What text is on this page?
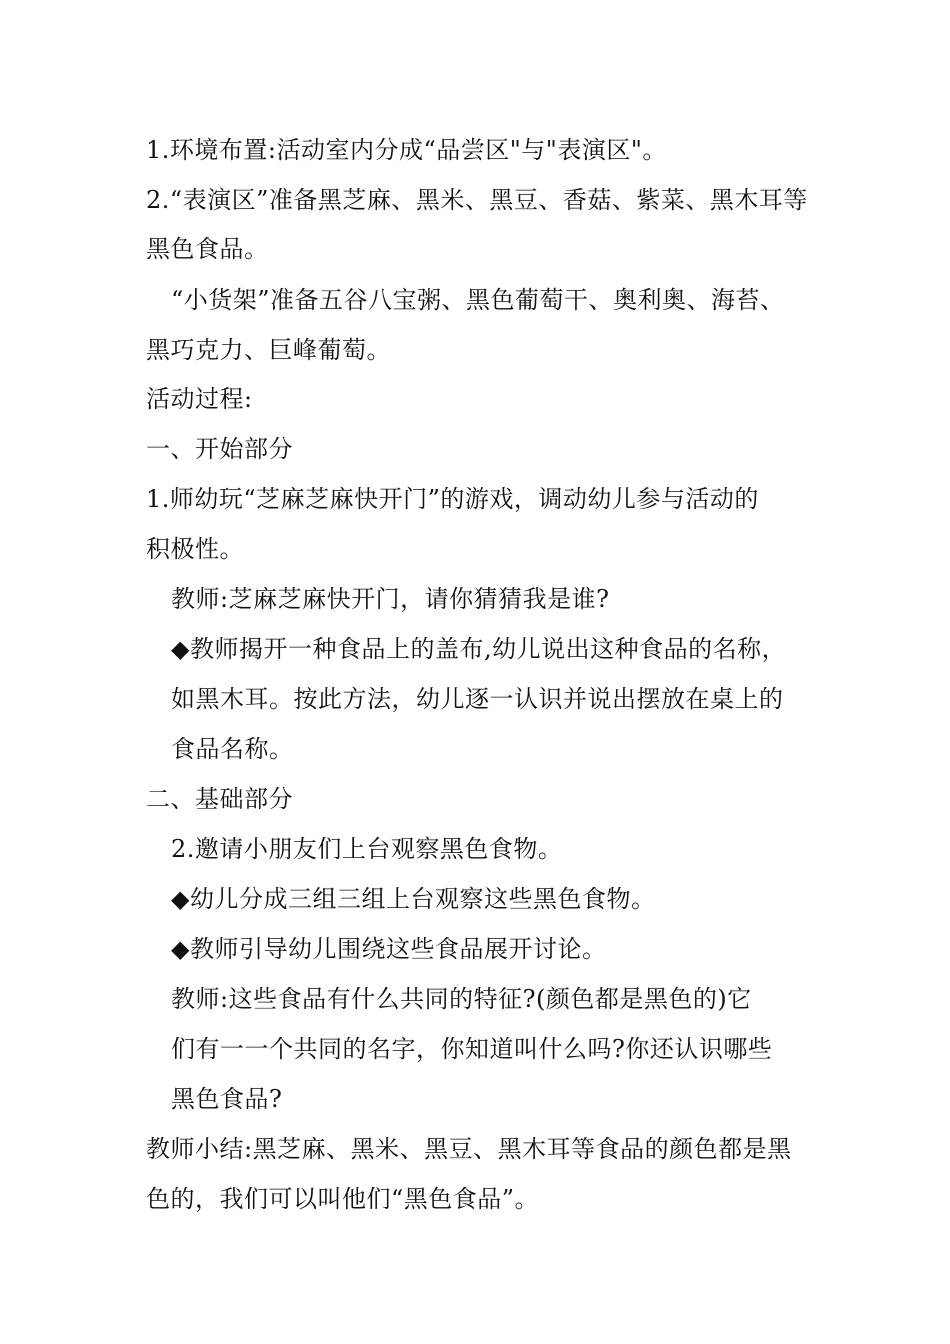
1.环境布置:活动室内分成“品尝区"与"表演区"。
2.“表演区”准备黑芝麻、黑米、黑豆、香菇、紫菜、黑木耳等
黑色食品。
“小货架”准备五谷八宝粥、黑色葡萄干、奥利奥、海苔、
黑巧克力、巨峰葡萄。
活动过程:
一、开始部分
1.师幼玩“芝麻芝麻快开门”的游戏，调动幼儿参与活动的
积极性。
教师:芝麻芝麻快开门，请你猜猜我是谁?
◆教师揭开一种食品上的盖布,幼儿说出这种食品的名称，
如黑木耳。按此方法，幼儿逐一认识并说出摆放在桌上的
食品名称。
二、基础部分
2.邀请小朋友们上台观察黑色食物。
◆幼儿分成三组三组上台观察这些黑色食物。
◆教师引导幼儿围绕这些食品展开讨论。
教师:这些食品有什么共同的特征?(颜色都是黑色的)它
们有一一个共同的名字，你知道叫什么吗?你还认识哪些
黑色食品?
教师小结:黑芝麻、黑米、黑豆、黑木耳等食品的颜色都是黑
色的，我们可以叫他们“黑色食品”。
